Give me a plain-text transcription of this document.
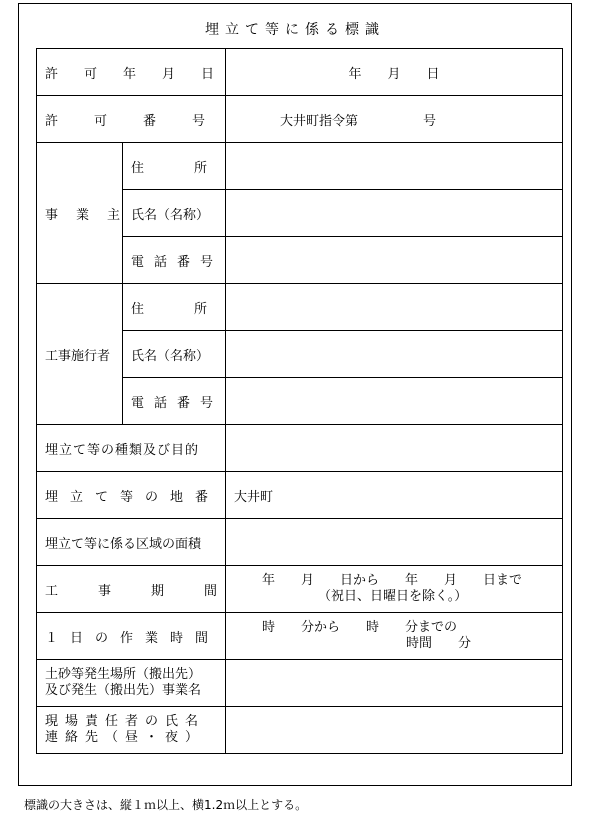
埋立て等に係る標識
許可年月日		年　　月　　日
許可番号		大井町指令第　　　　　号
事業主	住所	
	氏名（名称）	
	電話番号	
工事施行者	住所	
	氏名（名称）	
	電話番号	
埋立て等の種類及び目的		
埋立て等の地番		大井町
埋立て等に係る区域の面積		
工事期間		年　　月　　日から　　年　　月　　日まで
（祝日、日曜日を除く。）

１日の作業時間		時　　分から　　時　　分までの
時間　　分

土砂等発生場所（搬出先）
及び発生（搬出先）事業名		

現場責任者の氏名
連絡先（昼・夜）		

標識の大きさは、縦１ｍ以上、横1.2ｍ以上とする。
